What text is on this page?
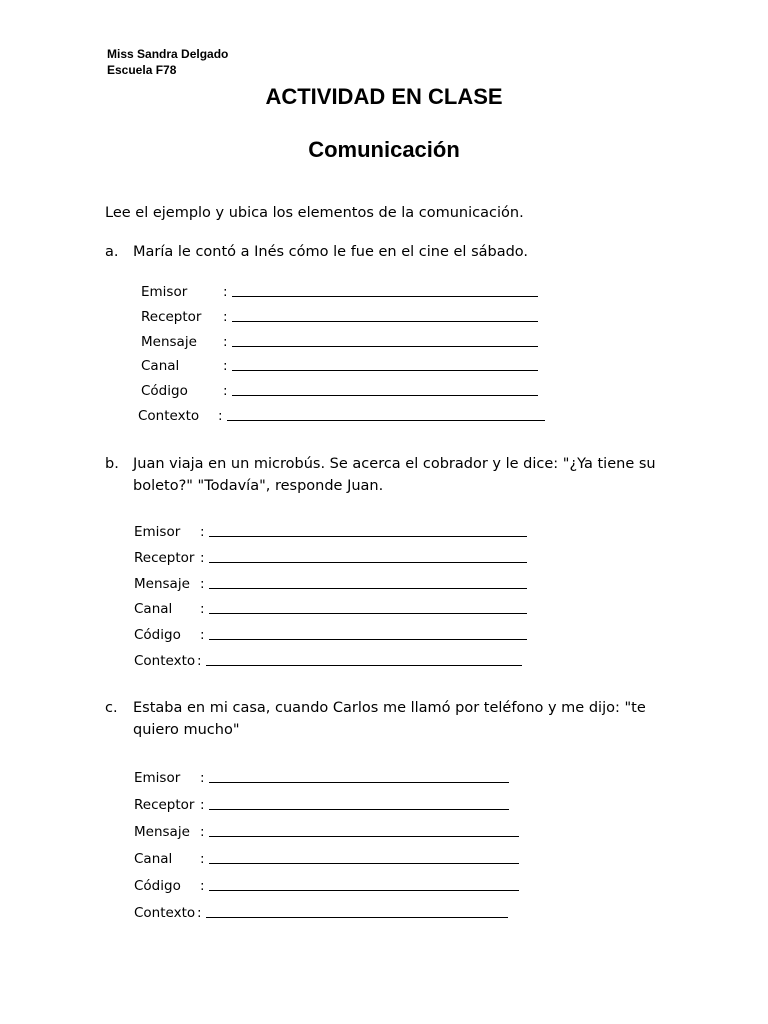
Miss Sandra Delgado
Escuela F78
ACTIVIDAD EN CLASE
Comunicación
Lee el ejemplo y ubica los elementos de la comunicación.
a. María le contó a Inés cómo le fue en el cine el sábado.
Emisor	:
Receptor :
Mensaje :
Canal	:
Código	:
Contexto :
b. Juan viaja en un microbús. Se acerca el cobrador y le dice: "¿Ya tiene su boleto?" "Todavía", responde Juan.
Emisor :
Receptor :
Mensaje :
Canal :
Código :
Contexto :
c. Estaba en mi casa, cuando Carlos me llamó por teléfono y me dijo: "te quiero mucho"
Emisor :
Receptor :
Mensaje :
Canal :
Código :
Contexto :
